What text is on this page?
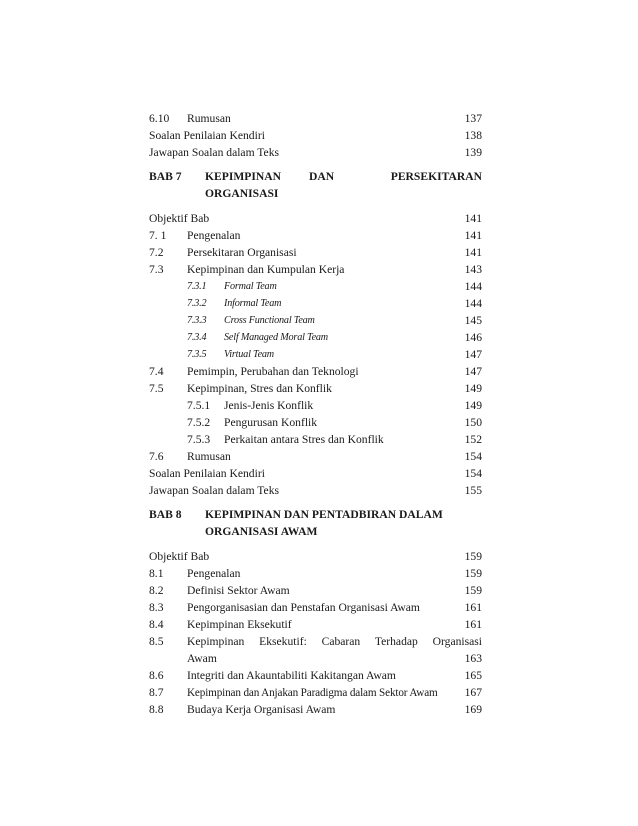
6.10 Rumusan	137
Soalan Penilaian Kendiri	138
Jawapan Soalan dalam Teks	139
BAB 7 KEPIMPINAN DAN	PERSEKITARAN
ORGANISASI
Objektif Bab	141
7. 1 Pengenalan	141
7.2 Persekitaran Organisasi	141
7.3 Kepimpinan dan Kumpulan Kerja	143
7.3.1 Formal Team	144
7.3.2 Informal Team	144
7.3.3 Cross Functional Team	145
7.3.4 Self Managed Moral Team	146
7.3.5 Virtual Team	147
7.4 Pemimpin, Perubahan dan Teknologi	147
7.5 Kepimpinan, Stres dan Konflik	149
7.5.1 Jenis-Jenis Konflik	149
7.5.2 Pengurusan Konflik	150
7.5.3 Perkaitan antara Stres dan Konflik	152
7.6 Rumusan	154
Soalan Penilaian Kendiri	154
Jawapan Soalan dalam Teks	155
BAB 8 KEPIMPINAN DAN PENTADBIRAN DALAM
ORGANISASI AWAM
Objektif Bab	159
8.1 Pengenalan	159
8.2 Definisi Sektor Awam	159
8.3 Pengorganisasian dan Penstafan Organisasi Awam	161
8.4 Kepimpinan Eksekutif	161
8.5 Kepimpinan Eksekutif: Cabaran Terhadap Organisasi
Awam	163
8.6 Integriti dan Akauntabiliti Kakitangan Awam	165
8.7 Kepimpinan dan Anjakan Paradigma dalam Sektor Awam 167
8.8 Budaya Kerja Organisasi Awam	169
